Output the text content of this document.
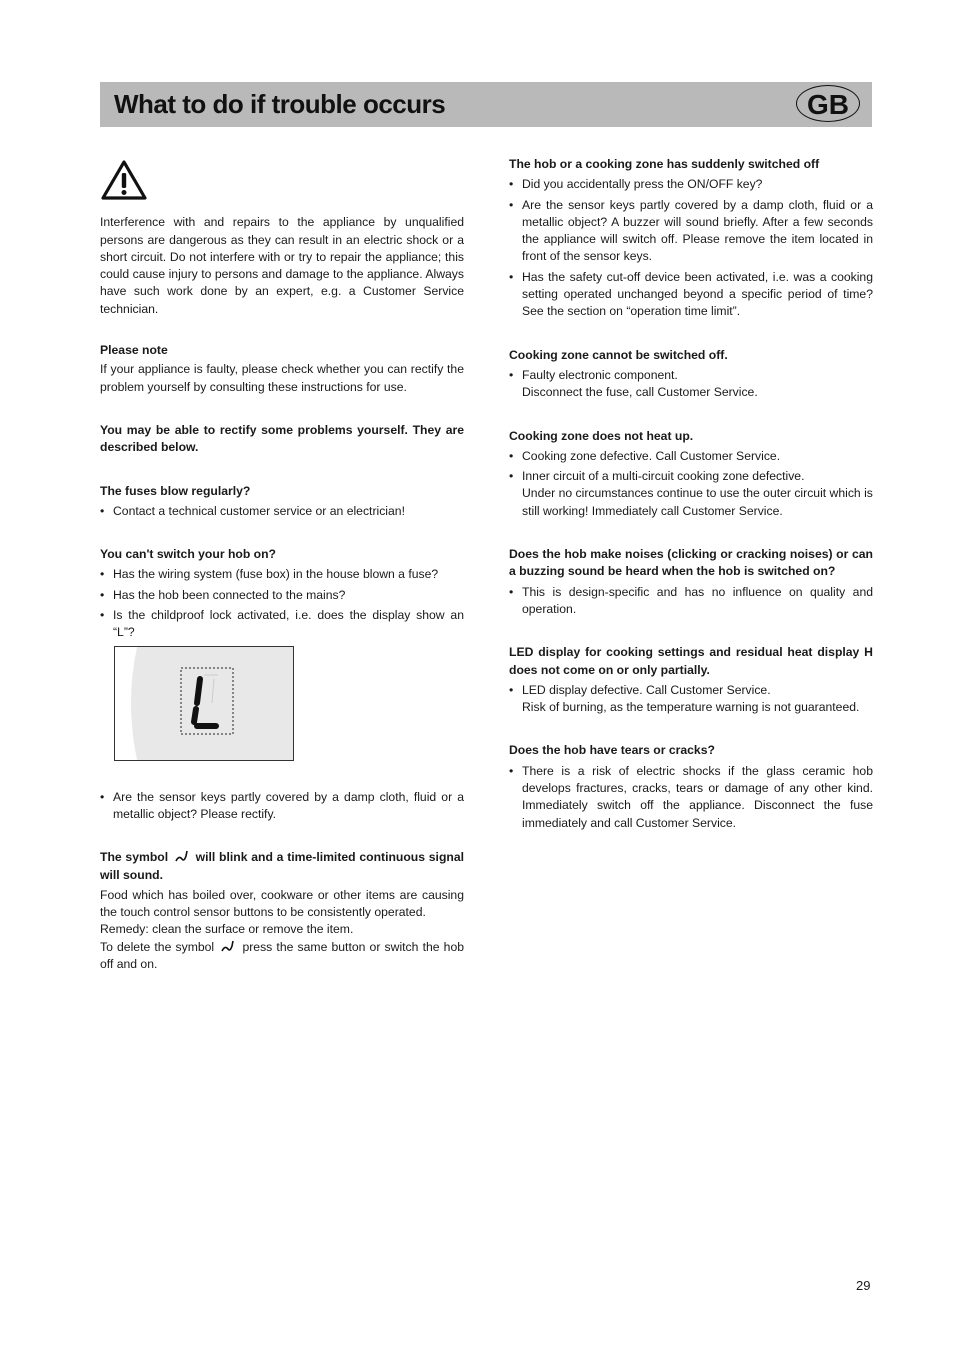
What to do if trouble occurs	GB

Interference with and repairs to the appliance by unqualified persons are dangerous as they can result in an electric shock or a short circuit. Do not interfere with or try to repair the appliance; this could cause injury to persons and damage to the appliance. Always have such work done by an expert, e.g. a Customer Service technician.

Please note

If your appliance is faulty, please check whether you can rectify the problem yourself by consulting these instructions for use.

You may be able to rectify some problems yourself. They are described below.
The fuses blow regularly?
• Contact a technical customer service or an electrician!
You can't switch your hob on?
• Has the wiring system (fuse box) in the house blown a fuse?
• Has the hob been connected to the mains?
• Is the childproof lock activated, i.e. does the display show an “L”?
• Are the sensor keys partly covered by a damp cloth, fluid or a metallic object? Please rectify.
The symbol will blink and a time-limited continuous signal will sound.

Food which has boiled over, cookware or other items are causing the touch control sensor buttons to be consistently operated.

Remedy: clean the surface or remove the item.

To delete the symbol press the same button or switch the hob off and on.

The hob or a cooking zone has suddenly switched off
• Did you accidentally press the ON/OFF key?
• Are the sensor keys partly covered by a damp cloth, fluid or a metallic object? A buzzer will sound briefly. After a few seconds the appliance will switch off. Please remove the item located in front of the sensor keys.
• Has the safety cut-off device been activated, i.e. was a cooking setting operated unchanged beyond a specific period of time? See the section on “operation time limit”.
Cooking zone cannot be switched off.
• Faulty electronic component.
Disconnect the fuse, call Customer Service.
Cooking zone does not heat up.
• Cooking zone defective. Call Customer Service.
• Inner circuit of a multi-circuit cooking zone defective.
Under no circumstances continue to use the outer circuit which is still working! Immediately call Customer Service.
Does the hob make noises (clicking or cracking noises) or can a buzzing sound be heard when the hob is switched on?
• This is design-specific and has no influence on quality and operation.
LED display for cooking settings and residual heat display H does not come on or only partially.
• LED display defective. Call Customer Service.
Risk of burning, as the temperature warning is not guaranteed.
Does the hob have tears or cracks?
• There is a risk of electric shocks if the glass ceramic hob develops fractures, cracks, tears or damage of any other kind. Immediately switch off the appliance. Disconnect the fuse immediately and call Customer Service.
29
